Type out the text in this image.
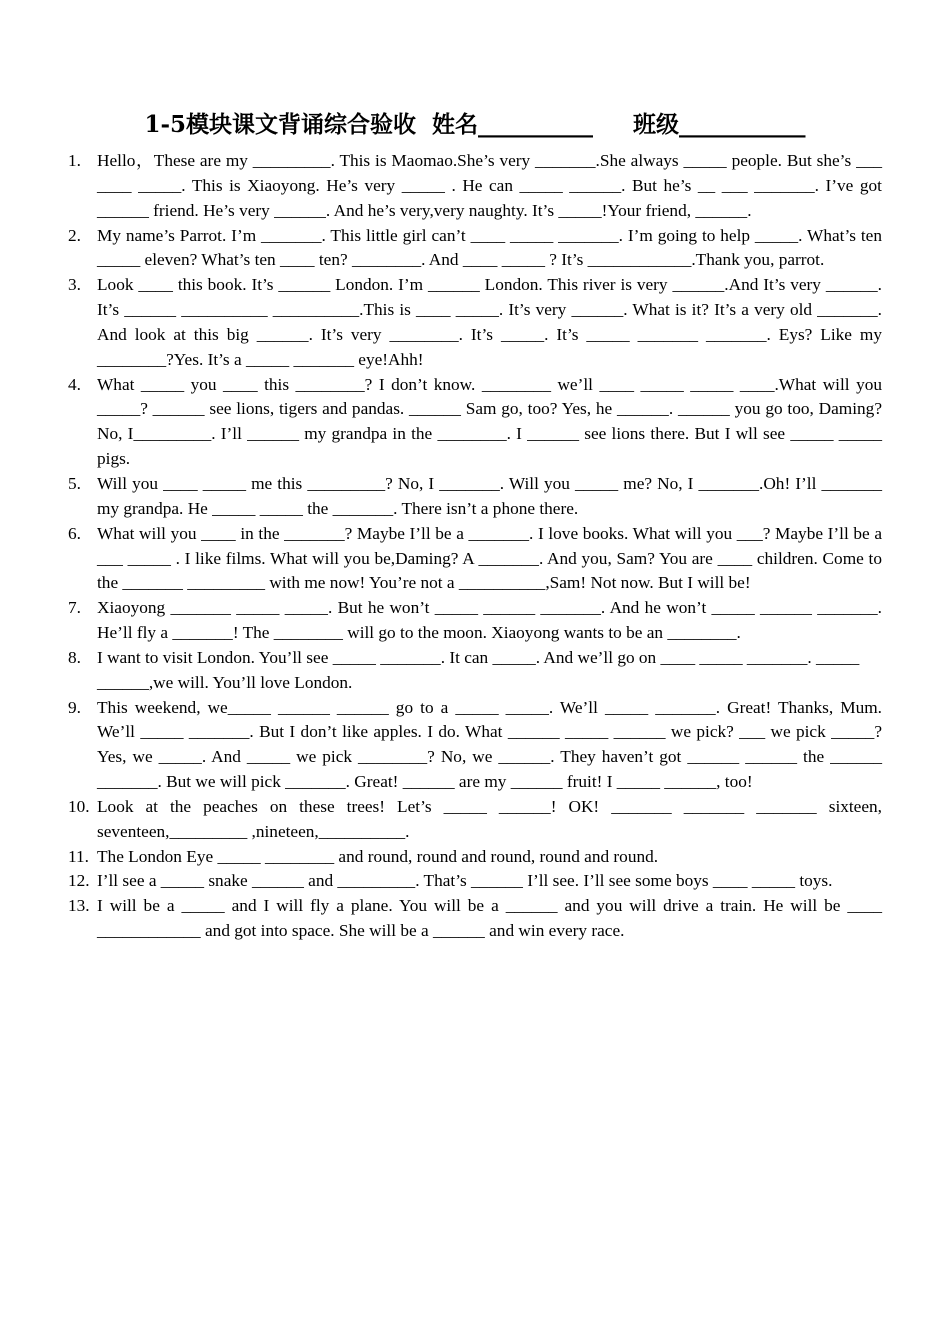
1-5模块课文背诵综合验收  姓名__________     班级___________
1. Hello，These are my _________. This is Maomao.She’s very _______.She always _____ people. But she’s ___ ____ _____. This is Xiaoyong. He’s very _____ . He can _____ ______. But he’s __ ___ _______. I’ve got ______ friend. He’s very ______. And he’s very,very naughty. It’s _____!Your friend, ______.
2. My name’s Parrot. I’m _______. This little girl can’t ____ _____ _______. I’m going to help _____. What’s ten _____ eleven? What’s ten ____ ten? ________. And ____ _____ ? It’s ____________.Thank you, parrot.
3. Look ____ this book. It’s ______ London. I’m ______ London. This river is very ______.And It’s very ______. It’s ______ __________ __________.This is ____ _____. It’s very ______. What is it? It’s a very old _______. And look at this big ______. It’s very ________. It’s _____. It’s _____ _______ _______. Eys? Like my ________?Yes. It’s a _____ _______ eye!Ahh!
4. What _____ you ____ this ________? I don’t know. ________ we’ll ____ _____ _____ ____.What will you _____? ______ see lions, tigers and pandas. ______ Sam go, too? Yes, he ______. ______ you go too, Daming? No, I_________. I’ll ______ my grandpa in the ________. I ______ see lions there. But I wll see _____ _____ pigs.
5. Will you ____ _____ me this _________? No, I _______. Will you _____ me? No, I _______.Oh! I’ll _______ my grandpa. He _____ _____ the _______. There isn’t a phone there.
6. What will you ____ in the _______? Maybe I’ll be a _______. I love books. What will you ___? Maybe I’ll be a ___ _____ . I like films. What will you be,Daming? A _______. And you, Sam? You are ____ children. Come to the _______ _________ with me now! You’re not a __________,Sam! Not now. But I will be!
7. Xiaoyong _______ _____ _____. But he won’t _____ ______ _______. And he won’t _____ ______ _______. He’ll fly a _______! The ________ will go to the moon. Xiaoyong wants to be an ________.
8. I want to visit London. You’ll see _____ _______. It can _____. And we’ll go on ____ _____ _______. _____ ______,we will. You’ll love London.
9. This weekend, we_____ ______ ______ go to a _____ _____. We’ll _____ _______. Great! Thanks, Mum. We’ll _____ _______. But I don’t like apples. I do. What ______ _____ ______ we pick? ___ we pick _____? Yes, we _____. And _____ we pick ________? No, we ______. They haven’t got ______ ______ the ______ _______. But we will pick _______. Great! ______ are my ______ fruit! I _____ ______, too!
10. Look at the peaches on these trees! Let’s _____ ______! OK! _______ _______ _______ sixteen, seventeen,_________ ,nineteen,__________.
11. The London Eye _____ ________ and round, round and round, round and round.
12. I’ll see a _____ snake ______ and _________. That’s ______ I’ll see. I’ll see some boys ____ _____ toys.
13. I will be a _____ and I will fly a plane. You will be a ______ and you will drive a train. He will be ____ ____________ and got into space. She will be a ______ and win every race.
